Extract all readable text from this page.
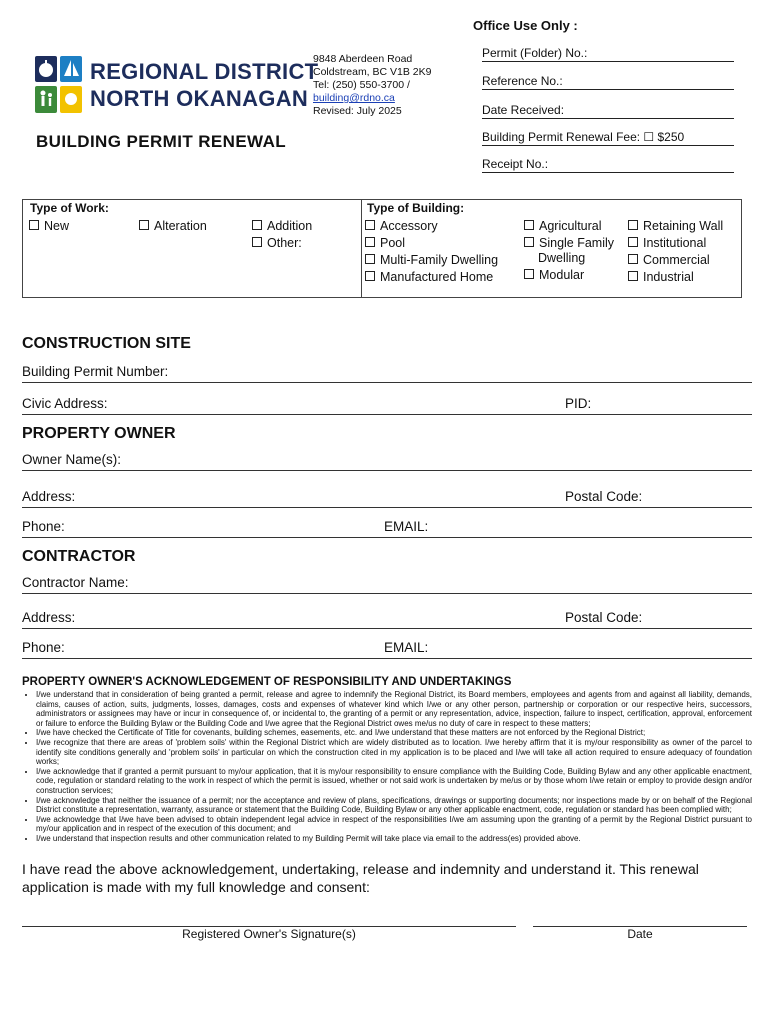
Office Use Only :
Permit (Folder) No.:
Reference No.:
Date Received:
Building Permit Renewal Fee: ☐ $250
Receipt No.:
REGIONAL DISTRICT
NORTH OKANAGAN
9848 Aberdeen Road
Coldstream, BC V1B 2K9
Tel: (250) 550-3700 /
building@rdno.ca
Revised: July 2025
BUILDING PERMIT RENEWAL
Type of Work:
New	Alteration	Addition
Other:
Type of Building:
Accessory
Pool
Multi-Family Dwelling
Manufactured Home
Agricultural
Single Family
Dwelling
Modular
Retaining Wall
Institutional
Commercial
Industrial
CONSTRUCTION SITE
Building Permit Number:
Civic Address:	PID:
PROPERTY OWNER
Owner Name(s):
Address:	Postal Code:
Phone:	EMAIL:
CONTRACTOR
Contractor Name:
Address:	Postal Code:
Phone:	EMAIL:
PROPERTY OWNER'S ACKNOWLEDGEMENT OF RESPONSIBILITY AND UNDERTAKINGS
• I/we understand that in consideration of being granted a permit, release and agree to indemnify the Regional District, its Board members, employees and agents from and against all liability, demands, claims, causes of action, suits, judgments, losses, damages, costs and expenses of whatever kind which I/we or any other person, partnership or corporation or our respective heirs, successors, administrators or assignees may have or incur in consequence of, or incidental to, the granting of a permit or any representation, advice, inspection, failure to inspect, certification, approval, enforcement or failure to enforce the Building Bylaw or the Building Code and I/we agree that the Regional District owes me/us no duty of care in respect to these matters;
• I/we have checked the Certificate of Title for covenants, building schemes, easements, etc. and I/we understand that these matters are not enforced by the Regional District;
• I/we recognize that there are areas of 'problem soils' within the Regional District which are widely distributed as to location. I/we hereby affirm that it is my/our responsibility as owner of the parcel to identify site conditions generally and 'problem soils' in particular on which the construction cited in my application is to be placed and I/we will take all action required to ensure adequacy of foundation works;
• I/we acknowledge that if granted a permit pursuant to my/our application, that it is my/our responsibility to ensure compliance with the Building Code, Building Bylaw and any other applicable enactment, code, regulation or standard relating to the work in respect of which the permit is issued, whether or not said work is undertaken by me/us or by those whom I/we retain or employ to provide design and/or construction services;
• I/we acknowledge that neither the issuance of a permit; nor the acceptance and review of plans, specifications, drawings or supporting documents; nor inspections made by or on behalf of the Regional District constitute a representation, warranty, assurance or statement that the Building Code, Building Bylaw or any other applicable enactment, code, regulation or standard has been complied with;
• I/we acknowledge that I/we have been advised to obtain independent legal advice in respect of the responsibilities I/we am assuming upon the granting of a permit by the Regional District pursuant to my/our application and in respect of the execution of this document; and
• I/we understand that inspection results and other communication related to my Building Permit will take place via email to the address(es) provided above.
I have read the above acknowledgement, undertaking, release and indemnity and understand it. This renewal application is made with my full knowledge and consent:
Registered Owner's Signature(s)	Date
